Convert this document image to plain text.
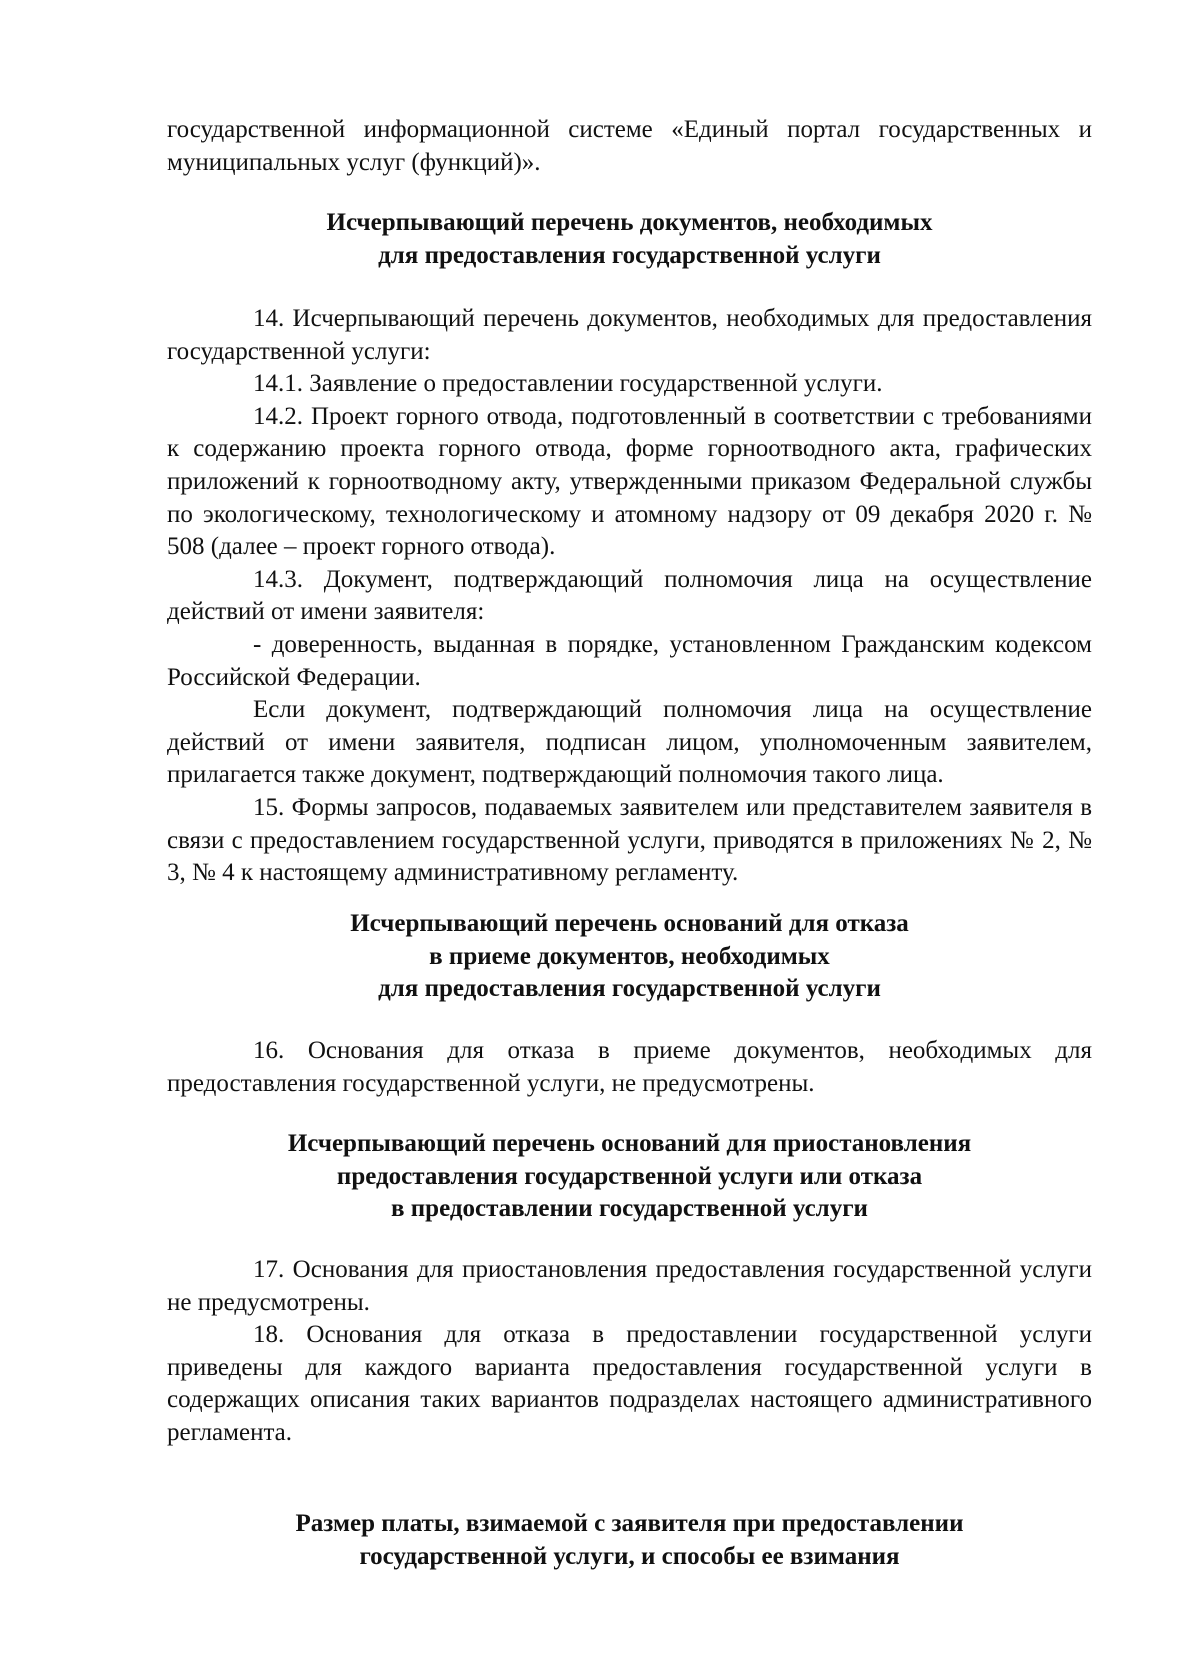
государственной информационной системе «Единый портал государственных и муниципальных услуг (функций)».

Исчерпывающий перечень документов, необходимых
для предоставления государственной услуги

14. Исчерпывающий перечень документов, необходимых для предоставления государственной услуги:

14.1. Заявление о предоставлении государственной услуги.

14.2. Проект горного отвода, подготовленный в соответствии с требованиями к содержанию проекта горного отвода, форме горноотводного акта, графических приложений к горноотводному акту, утвержденными приказом Федеральной службы по экологическому, технологическому и атомному надзору от 09 декабря 2020 г. № 508 (далее – проект горного отвода).

14.3. Документ, подтверждающий полномочия лица на осуществление действий от имени заявителя:

- доверенность, выданная в порядке, установленном Гражданским кодексом Российской Федерации.

Если документ, подтверждающий полномочия лица на осуществление действий от имени заявителя, подписан лицом, уполномоченным заявителем, прилагается также документ, подтверждающий полномочия такого лица.

15. Формы запросов, подаваемых заявителем или представителем заявителя в связи с предоставлением государственной услуги, приводятся в приложениях № 2, № 3, № 4 к настоящему административному регламенту.

Исчерпывающий перечень оснований для отказа
в приеме документов, необходимых
для предоставления государственной услуги

16. Основания для отказа в приеме документов, необходимых для предоставления государственной услуги, не предусмотрены.

Исчерпывающий перечень оснований для приостановления
предоставления государственной услуги или отказа
в предоставлении государственной услуги

17. Основания для приостановления предоставления государственной услуги не предусмотрены.

18. Основания для отказа в предоставлении государственной услуги приведены для каждого варианта предоставления государственной услуги в содержащих описания таких вариантов подразделах настоящего административного регламента.

Размер платы, взимаемой с заявителя при предоставлении
государственной услуги, и способы ее взимания
